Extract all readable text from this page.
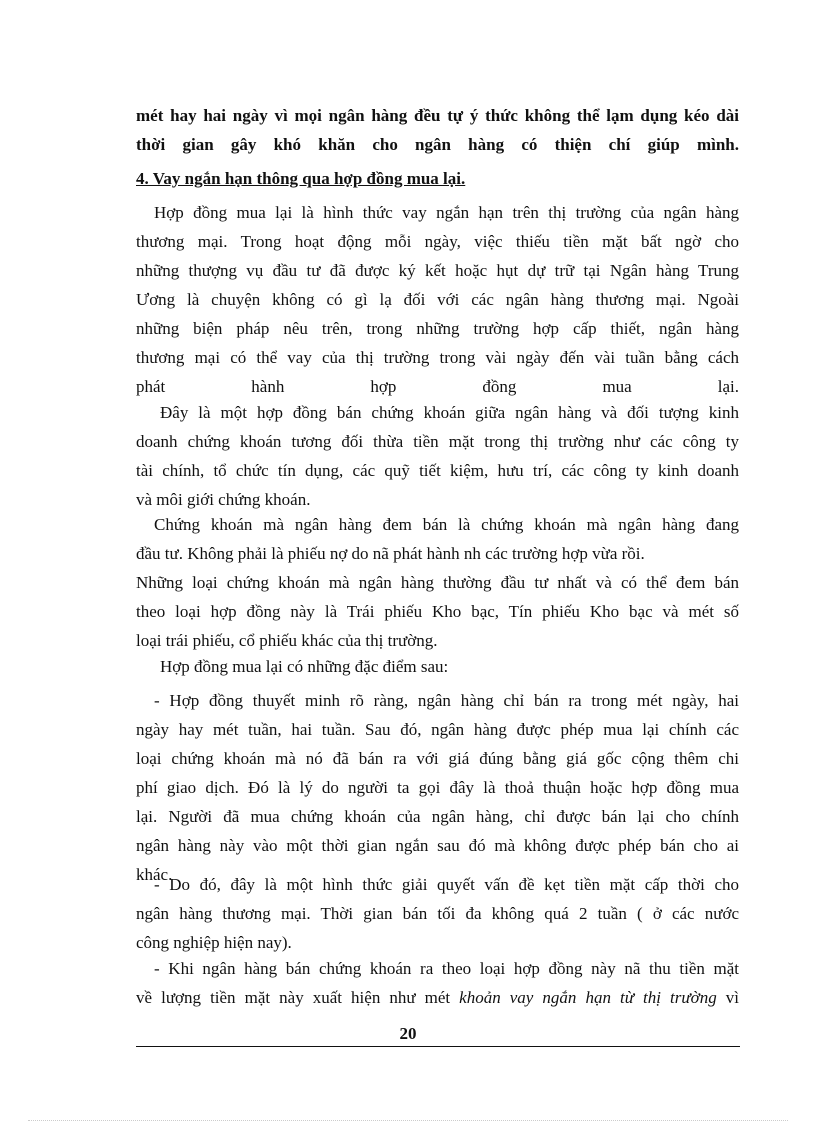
mét hay hai ngày vì mọi ngân hàng đều tự ý thức không thể lạm dụng kéo dài
thời gian gây khó khăn cho ngân hàng có thiện chí giúp mình.
4. Vay ngắn hạn thông qua hợp đồng mua lại.
Hợp đồng mua lại là hình thức vay ngắn hạn trên thị trường của ngân hàng
thương mại. Trong hoạt động mỗi ngày, việc thiếu tiền mặt bất ngờ cho
những thượng vụ đầu tư đã được ký kết hoặc hụt dự trữ tại Ngân hàng Trung
Ương là chuyện không có gì lạ đối với các ngân hàng thương mại. Ngoài
những biện pháp nêu trên, trong những trường hợp cấp thiết, ngân hàng
thương mại có thể vay của thị trường trong vài ngày đến vài tuần bằng cách
phát hành hợp đồng mua lại.
Đây là một hợp đồng bán chứng khoán giữa ngân hàng và đối tượng kinh
doanh chứng khoán tương đối thừa tiền mặt trong thị trường như các công ty
tài chính, tổ chức tín dụng, các quỹ tiết kiệm, hưu trí, các công ty kinh doanh
và môi giới chứng khoán.
Chứng khoán mà ngân hàng đem bán là chứng khoán mà ngân hàng đang
đầu tư. Không phải là phiếu nợ do nã phát hành nh các trường hợp vừa rồi.
Những loại chứng khoán mà ngân hàng thường đầu tư nhất và có thể đem bán
theo loại hợp đồng này là Trái phiếu Kho bạc, Tín phiếu Kho bạc và mét số
loại trái phiếu, cổ phiếu khác của thị trường.
Hợp đồng mua lại có những đặc điểm sau:
- Hợp đồng thuyết minh rõ ràng, ngân hàng chỉ bán ra trong mét ngày, hai
ngày hay mét tuần, hai tuần. Sau đó, ngân hàng được phép mua lại chính các
loại chứng khoán mà nó đã bán ra với giá đúng bằng giá gốc cộng thêm chi
phí giao dịch. Đó là lý do người ta gọi đây là thoả thuận hoặc hợp đồng mua
lại. Người đã mua chứng khoán của ngân hàng, chỉ được bán lại cho chính
ngân hàng này vào một thời gian ngắn sau đó mà không được phép bán cho ai
khác.
- Do đó, đây là một hình thức giải quyết vấn đề kẹt tiền mặt cấp thời cho
ngân hàng thương mại. Thời gian bán tối đa không quá 2 tuần ( ở các nước
công nghiệp hiện nay).
- Khi ngân hàng bán chứng khoán ra theo loại hợp đồng này nã thu tiền mặt
về lượng tiền mặt này xuất hiện như mét khoản vay ngắn hạn từ thị trường vì
20
